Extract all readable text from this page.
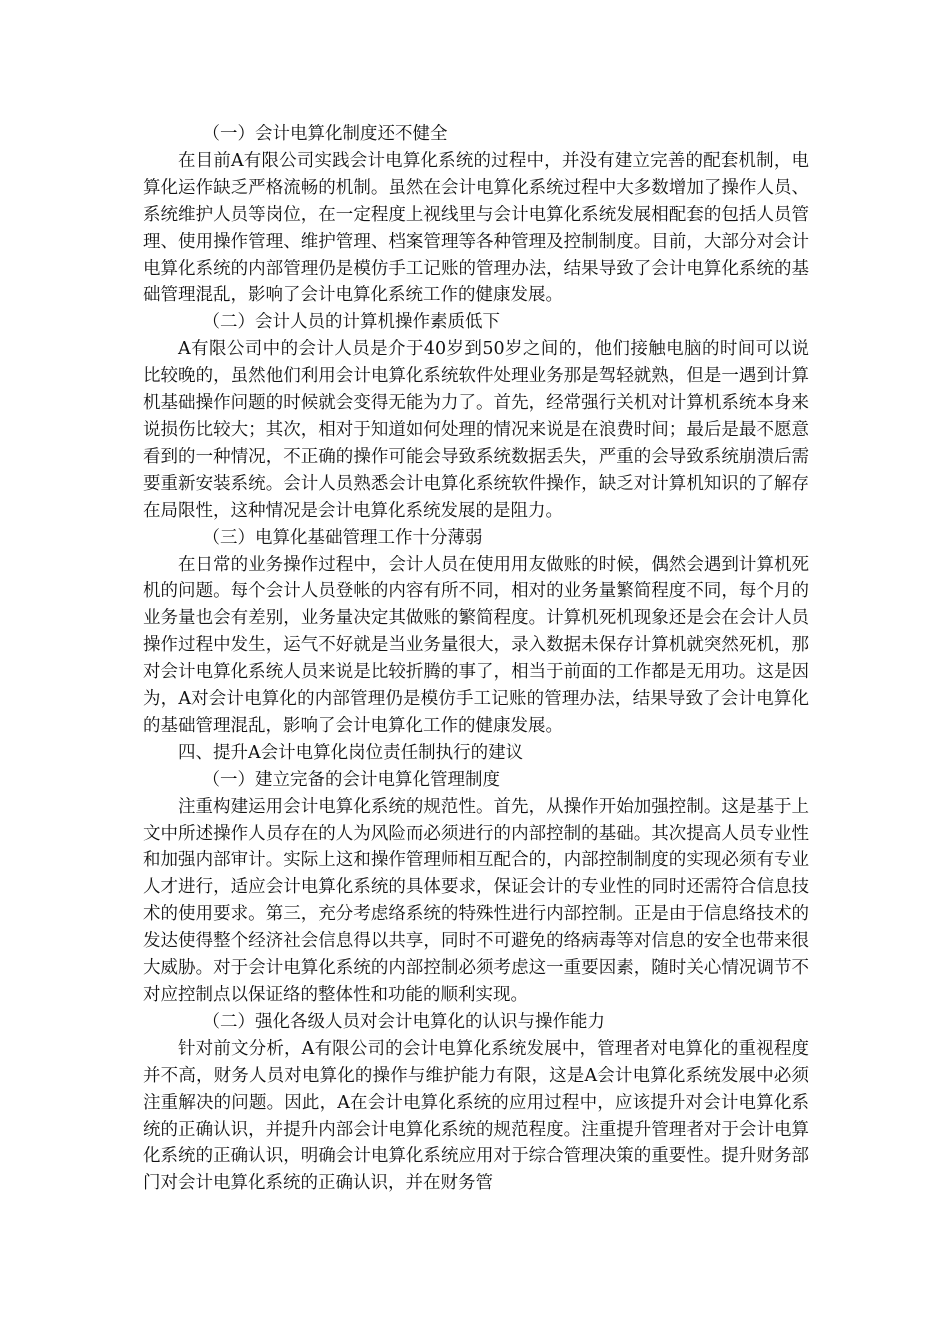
（一）会计电算化制度还不健全

在目前A有限公司实践会计电算化系统的过程中，并没有建立完善的配套机制，电算化运作缺乏严格流畅的机制。虽然在会计电算化系统过程中大多数增加了操作人员、系统维护人员等岗位，在一定程度上视线里与会计电算化系统发展相配套的包括人员管理、使用操作管理、维护管理、档案管理等各种管理及控制制度。目前，大部分对会计电算化系统的内部管理仍是模仿手工记账的管理办法，结果导致了会计电算化系统的基础管理混乱，影响了会计电算化系统工作的健康发展。

（二）会计人员的计算机操作素质低下

A有限公司中的会计人员是介于40岁到50岁之间的，他们接触电脑的时间可以说比较晚的，虽然他们利用会计电算化系统软件处理业务那是驾轻就熟，但是一遇到计算机基础操作问题的时候就会变得无能为力了。首先，经常强行关机对计算机系统本身来说损伤比较大；其次，相对于知道如何处理的情况来说是在浪费时间；最后是最不愿意看到的一种情况，不正确的操作可能会导致系统数据丢失，严重的会导致系统崩溃后需要重新安装系统。会计人员熟悉会计电算化系统软件操作，缺乏对计算机知识的了解存在局限性，这种情况是会计电算化系统发展的是阻力。

（三）电算化基础管理工作十分薄弱

在日常的业务操作过程中，会计人员在使用用友做账的时候，偶然会遇到计算机死机的问题。每个会计人员登帐的内容有所不同，相对的业务量繁简程度不同，每个月的业务量也会有差别，业务量决定其做账的繁简程度。计算机死机现象还是会在会计人员操作过程中发生，运气不好就是当业务量很大，录入数据未保存计算机就突然死机，那对会计电算化系统人员来说是比较折腾的事了，相当于前面的工作都是无用功。这是因为，A对会计电算化的内部管理仍是模仿手工记账的管理办法，结果导致了会计电算化的基础管理混乱，影响了会计电算化工作的健康发展。

四、提升A会计电算化岗位责任制执行的建议

（一）建立完备的会计电算化管理制度

注重构建运用会计电算化系统的规范性。首先，从操作开始加强控制。这是基于上文中所述操作人员存在的人为风险而必须进行的内部控制的基础。其次提高人员专业性和加强内部审计。实际上这和操作管理师相互配合的，内部控制制度的实现必须有专业人才进行，适应会计电算化系统的具体要求，保证会计的专业性的同时还需符合信息技术的使用要求。第三，充分考虑络系统的特殊性进行内部控制。正是由于信息络技术的发达使得整个经济社会信息得以共享，同时不可避免的络病毒等对信息的安全也带来很大威胁。对于会计电算化系统的内部控制必须考虑这一重要因素，随时关心情况调节不对应控制点以保证络的整体性和功能的顺利实现。

（二）强化各级人员对会计电算化的认识与操作能力

针对前文分析，A有限公司的会计电算化系统发展中，管理者对电算化的重视程度并不高，财务人员对电算化的操作与维护能力有限，这是A会计电算化系统发展中必须注重解决的问题。因此，A在会计电算化系统的应用过程中，应该提升对会计电算化系统的正确认识，并提升内部会计电算化系统的规范程度。注重提升管理者对于会计电算化系统的正确认识，明确会计电算化系统应用对于综合管理决策的重要性。提升财务部门对会计电算化系统的正确认识，并在财务管
